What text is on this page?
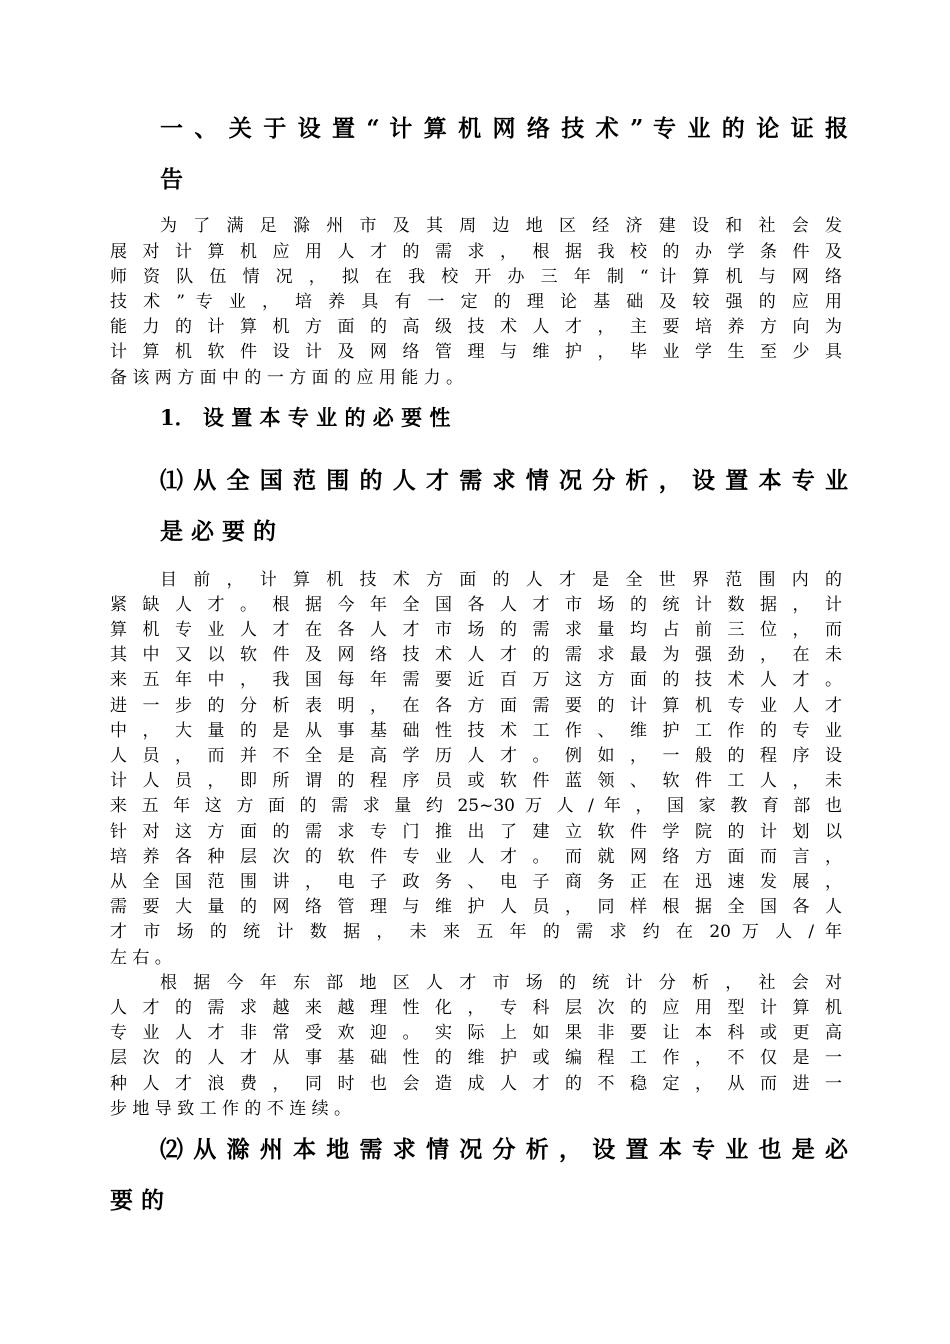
一 、 关 于 设 置 “ 计 算 机 网 络 技 术 ” 专 业 的 论 证 报
告
为 了 满 足 滁 州 市 及 其 周 边 地 区 经 济 建 设 和 社 会 发
展 对 计 算 机 应 用 人 才 的 需 求 ， 根 据 我 校 的 办 学 条 件 及
师 资 队 伍 情 况 ， 拟 在 我 校 开 办 三 年 制 “ 计 算 机 与 网 络
技 术 ” 专 业 ， 培 养 具 有 一 定 的 理 论 基 础 及 较 强 的 应 用
能 力 的 计 算 机 方 面 的 高 级 技 术 人 才 ， 主 要 培 养 方 向 为
计 算 机 软 件 设 计 及 网 络 管 理 与 维 护 ， 毕 业 学 生 至 少 具
备 该 两 方 面 中 的 一 方 面 的 应 用 能 力 。
1． 设 置 本 专 业 的 必 要 性
⑴ 从 全 国 范 围 的 人 才 需 求 情 况 分 析 ， 设 置 本 专 业
是 必 要 的
目 前 ， 计 算 机 技 术 方 面 的 人 才 是 全 世 界 范 围 内 的
紧 缺 人 才 。 根 据 今 年 全 国 各 人 才 市 场 的 统 计 数 据 ， 计
算 机 专 业 人 才 在 各 人 才 市 场 的 需 求 量 均 占 前 三 位 ， 而
其 中 又 以 软 件 及 网 络 技 术 人 才 的 需 求 最 为 强 劲 ， 在 未
来 五 年 中 ， 我 国 每 年 需 要 近 百 万 这 方 面 的 技 术 人 才 。
进 一 步 的 分 析 表 明 ， 在 各 方 面 需 要 的 计 算 机 专 业 人 才
中 ， 大 量 的 是 从 事 基 础 性 技 术 工 作 、 维 护 工 作 的 专 业
人 员 ， 而 并 不 全 是 高 学 历 人 才 。 例 如 ， 一 般 的 程 序 设
计 人 员 ， 即 所 谓 的 程 序 员 或 软 件 蓝 领 、 软 件 工 人 ， 未
来 五 年 这 方 面 的 需 求 量 约 25~30 万 人 / 年 ， 国 家 教 育 部 也
针 对 这 方 面 的 需 求 专 门 推 出 了 建 立 软 件 学 院 的 计 划 以
培 养 各 种 层 次 的 软 件 专 业 人 才 。 而 就 网 络 方 面 而 言 ，
从 全 国 范 围 讲 ， 电 子 政 务 、 电 子 商 务 正 在 迅 速 发 展 ，
需 要 大 量 的 网 络 管 理 与 维 护 人 员 ， 同 样 根 据 全 国 各 人
才 市 场 的 统 计 数 据 ， 未 来 五 年 的 需 求 约 在 20 万 人 / 年
左 右 。
根 据 今 年 东 部 地 区 人 才 市 场 的 统 计 分 析 ， 社 会 对
人 才 的 需 求 越 来 越 理 性 化 ， 专 科 层 次 的 应 用 型 计 算 机
专 业 人 才 非 常 受 欢 迎 。 实 际 上 如 果 非 要 让 本 科 或 更 高
层 次 的 人 才 从 事 基 础 性 的 维 护 或 编 程 工 作 ， 不 仅 是 一
种 人 才 浪 费 ， 同 时 也 会 造 成 人 才 的 不 稳 定 ， 从 而 进 一
步 地 导 致 工 作 的 不 连 续 。
⑵ 从 滁 州 本 地 需 求 情 况 分 析 ， 设 置 本 专 业 也 是 必
要 的
